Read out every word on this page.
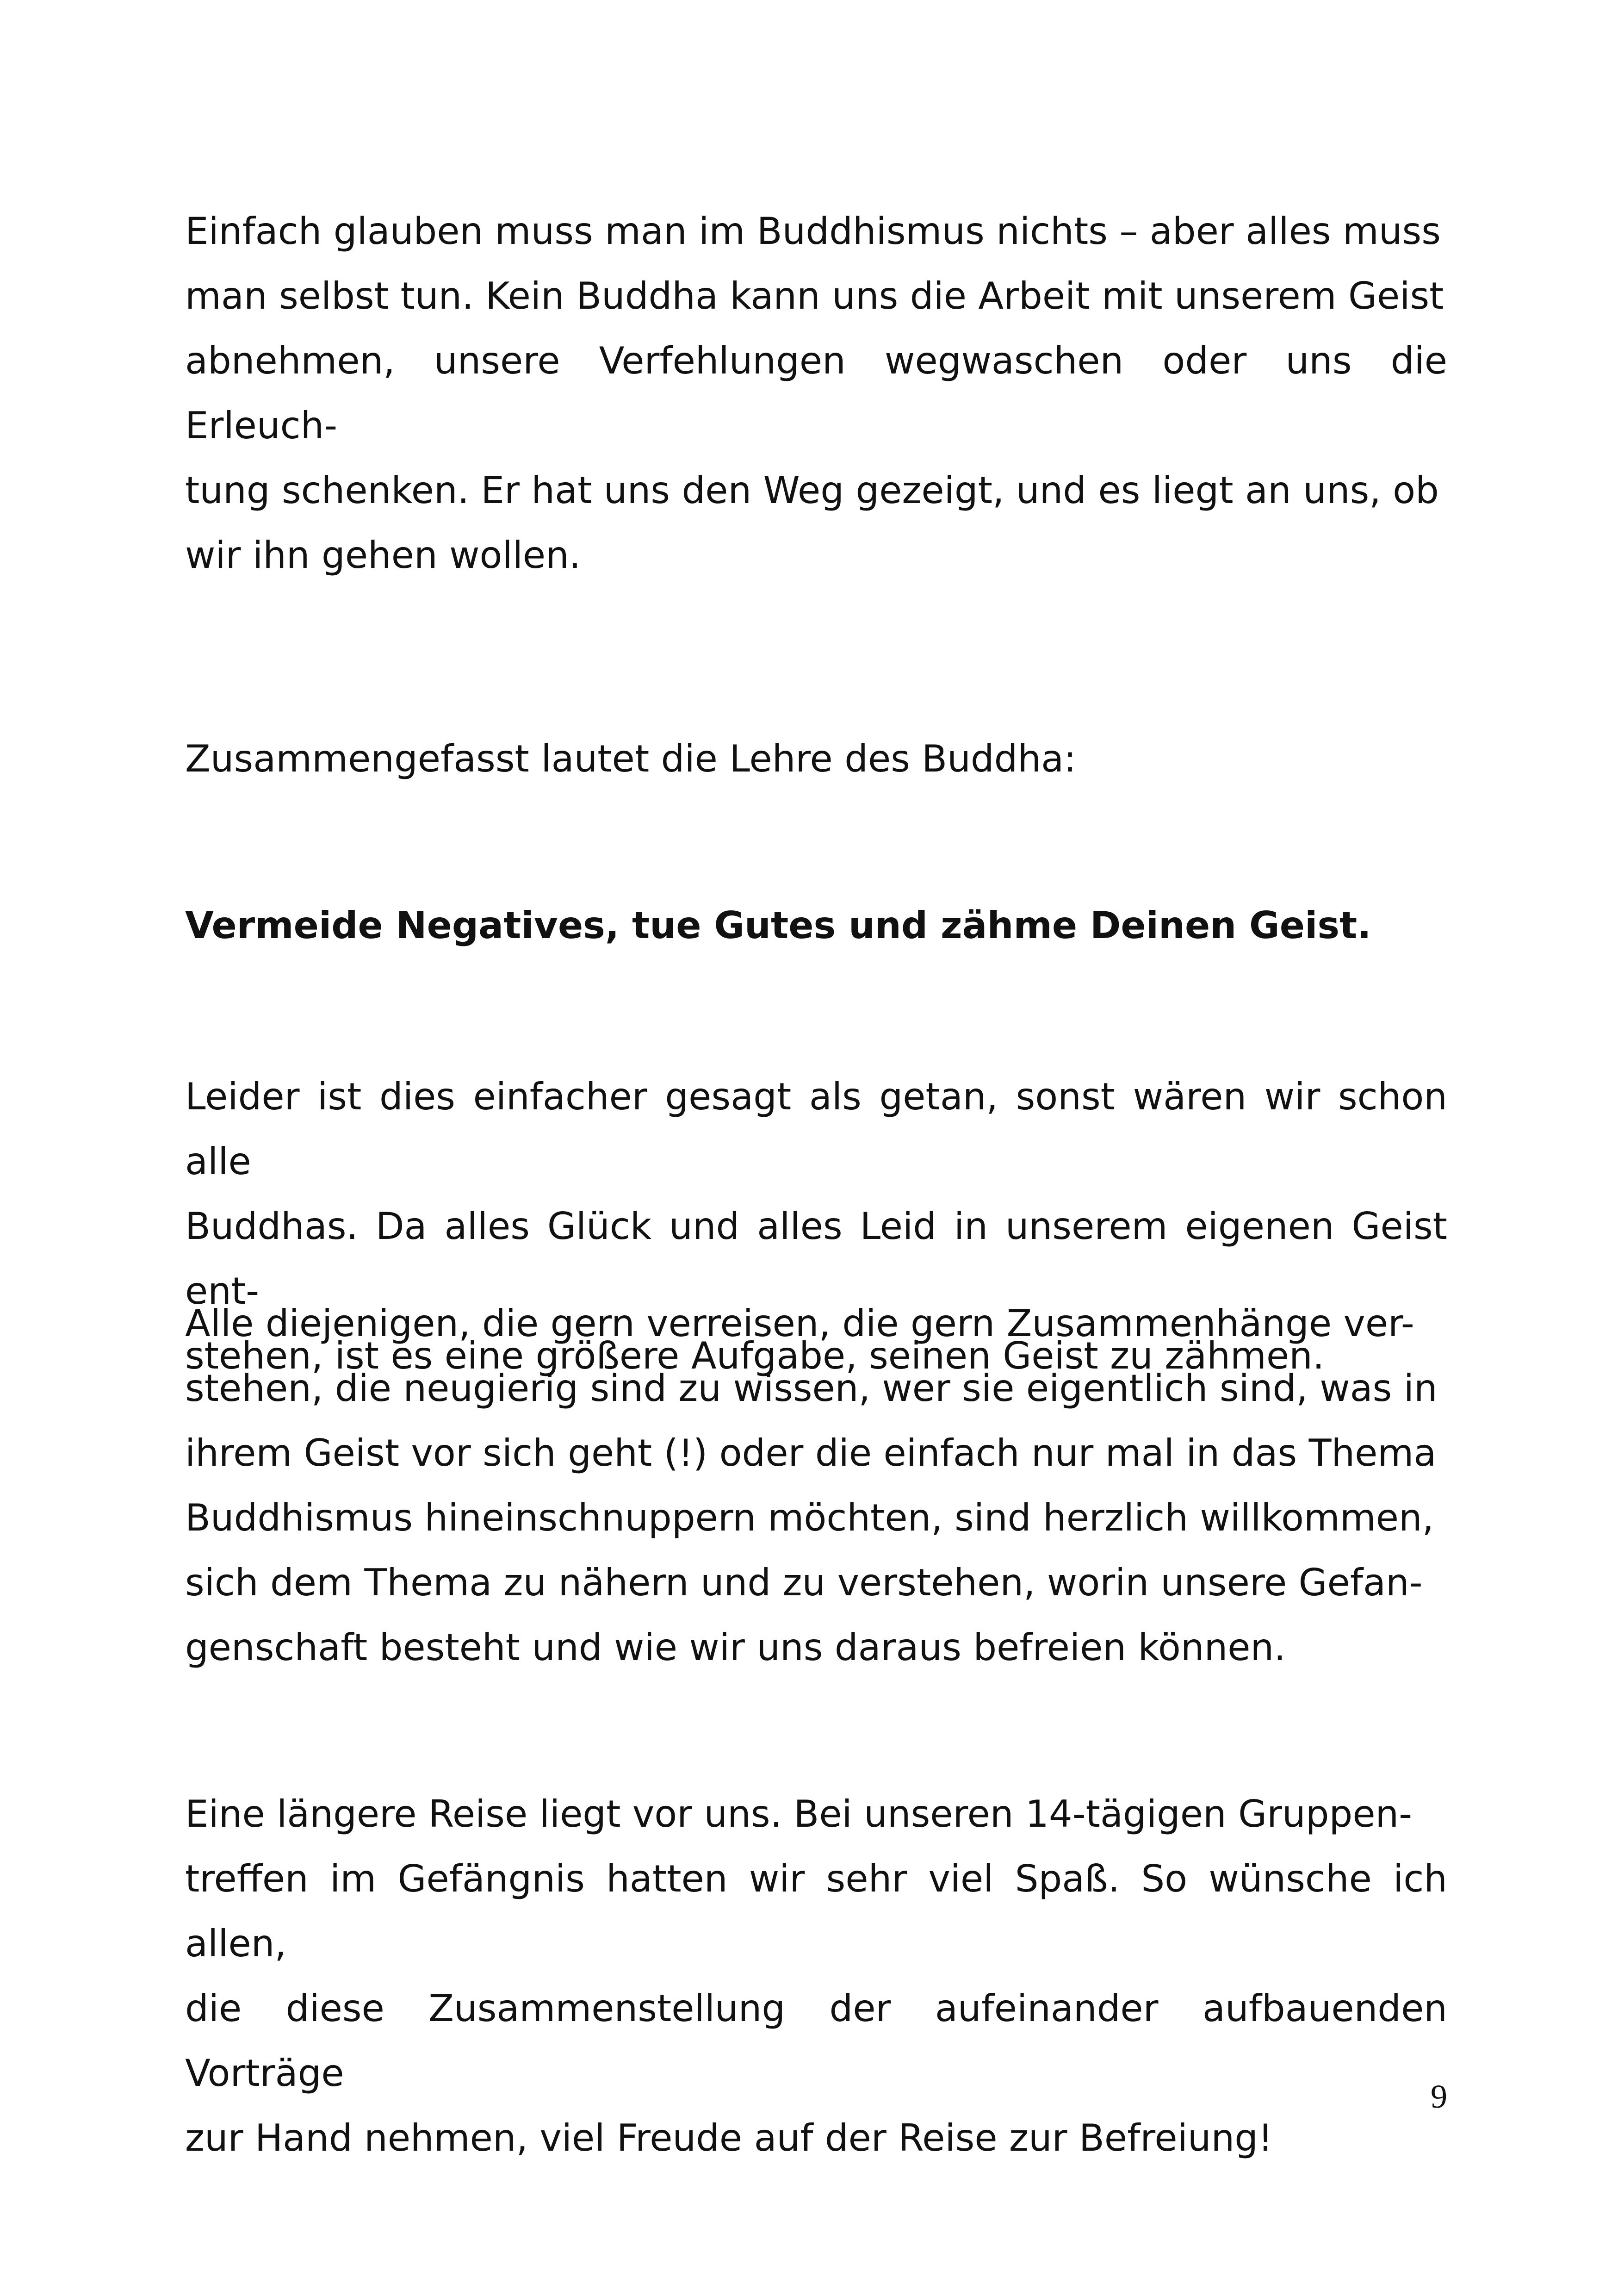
Einfach glauben muss man im Buddhismus nichts – aber alles muss
man selbst tun. Kein Buddha kann uns die Arbeit mit unserem Geist
abnehmen, unsere Verfehlungen wegwaschen oder uns die Erleuch-
tung schenken. Er hat uns den Weg gezeigt, und es liegt an uns, ob
wir ihn gehen wollen.

Zusammengefasst lautet die Lehre des Buddha:

Vermeide Negatives, tue Gutes und zähme Deinen Geist.

Leider ist dies einfacher gesagt als getan, sonst wären wir schon alle
Buddhas. Da alles Glück und alles Leid in unserem eigenen Geist ent-
stehen, ist es eine größere Aufgabe, seinen Geist zu zähmen.

Alle diejenigen, die gern verreisen, die gern Zusammenhänge ver-
stehen, die neugierig sind zu wissen, wer sie eigentlich sind, was in
ihrem Geist vor sich geht (!) oder die einfach nur mal in das Thema
Buddhismus hineinschnuppern möchten, sind herzlich willkommen,
sich dem Thema zu nähern und zu verstehen, worin unsere Gefan-
genschaft besteht und wie wir uns daraus befreien können.

Eine längere Reise liegt vor uns. Bei unseren 14-tägigen Gruppen-
treffen im Gefängnis hatten wir sehr viel Spaß. So wünsche ich allen,
die diese Zusammenstellung der aufeinander aufbauenden Vorträge
zur Hand nehmen, viel Freude auf der Reise zur Befreiung!

9
